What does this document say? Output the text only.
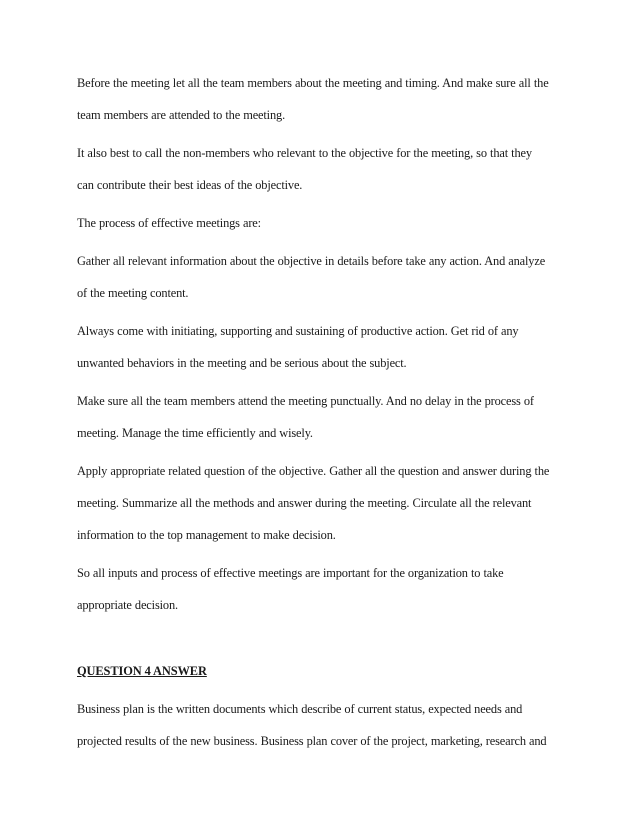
Before the meeting let all the team members about the meeting and timing. And make sure all the
team members are attended to the meeting.

It also best to call the non-members who relevant to the objective for the meeting, so that they
can contribute their best ideas of the objective.

The process of effective meetings are:

Gather all relevant information about the objective in details before take any action. And analyze
of the meeting content.

Always come with initiating, supporting and sustaining of productive action. Get rid of any
unwanted behaviors in the meeting and be serious about the subject.

Make sure all the team members attend the meeting punctually. And no delay in the process of
meeting. Manage the time efficiently and wisely.

Apply appropriate related question of the objective. Gather all the question and answer during the
meeting. Summarize all the methods and answer during the meeting. Circulate all the relevant
information to the top management to make decision.

So all inputs and process of effective meetings are important for the organization to take
appropriate decision.

QUESTION 4 ANSWER

Business plan is the written documents which describe of current status, expected needs and
projected results of the new business. Business plan cover of the project, marketing, research and
